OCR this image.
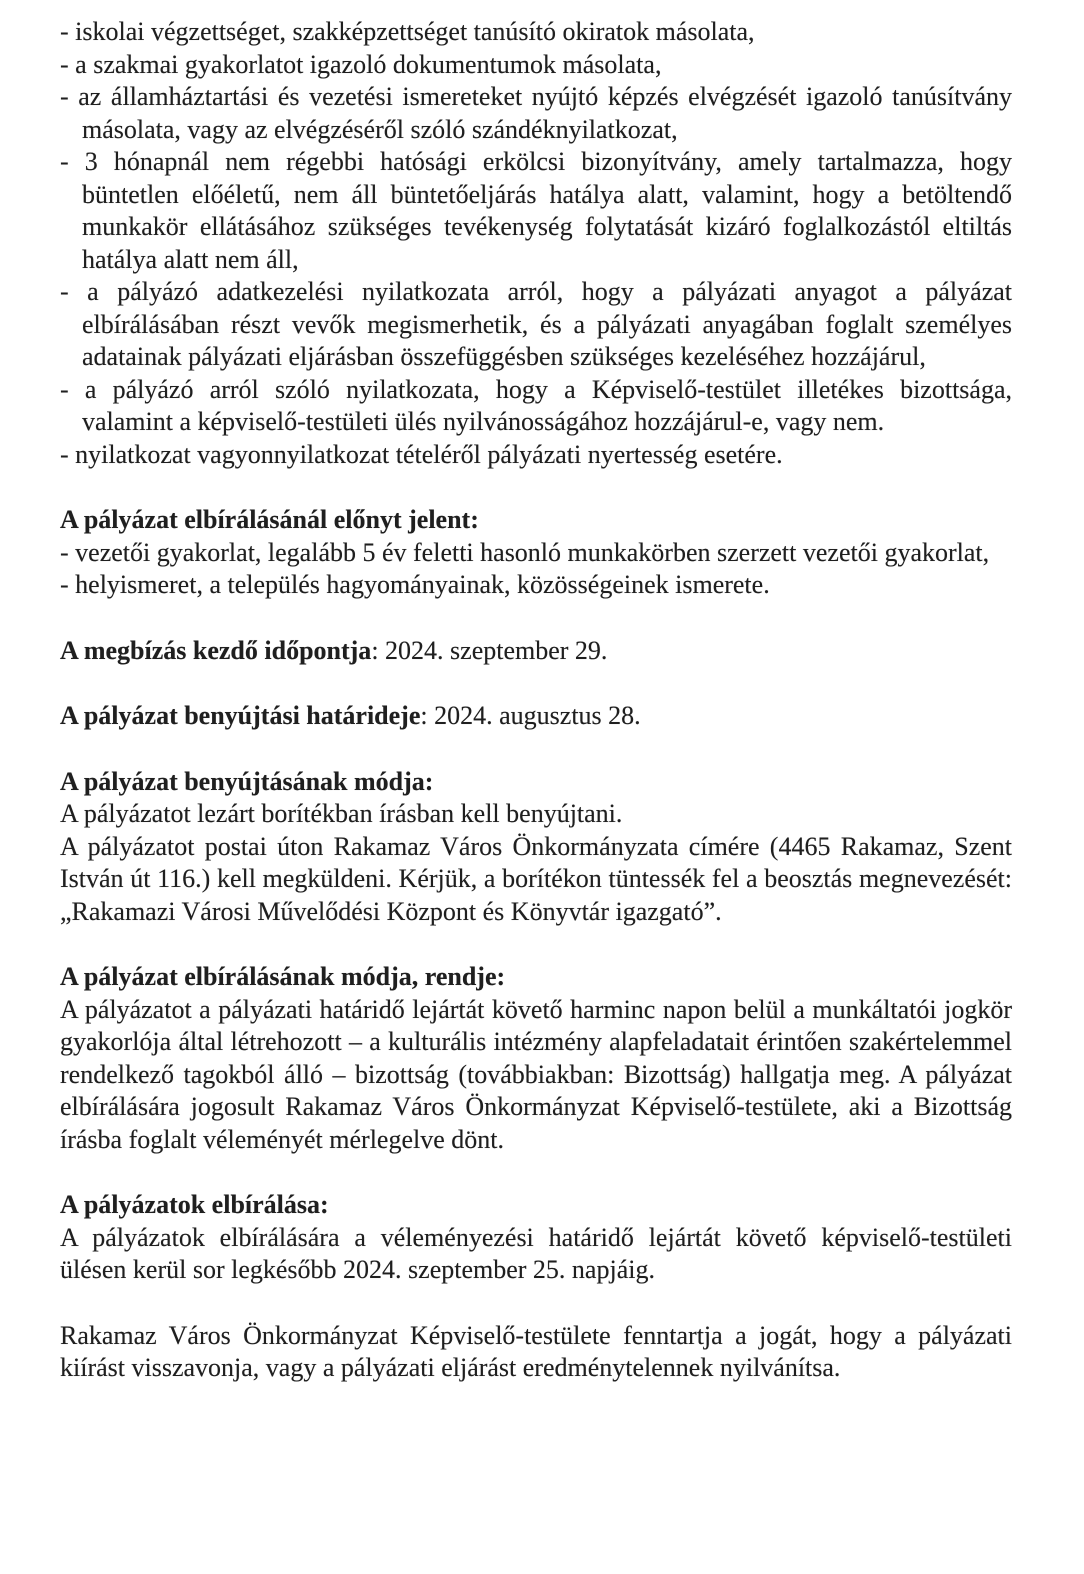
- iskolai végzettséget, szakképzettséget tanúsító okiratok másolata,

- a szakmai gyakorlatot igazoló dokumentumok másolata,

- az államháztartási és vezetési ismereteket nyújtó képzés elvégzését igazoló tanúsítvány másolata, vagy az elvégzéséről szóló szándéknyilatkozat,

- 3 hónapnál nem régebbi hatósági erkölcsi bizonyítvány, amely tartalmazza, hogy büntetlen előéletű, nem áll büntetőeljárás hatálya alatt, valamint, hogy a betöltendő munkakör ellátásához szükséges tevékenység folytatását kizáró foglalkozástól eltiltás hatálya alatt nem áll,

- a pályázó adatkezelési nyilatkozata arról, hogy a pályázati anyagot a pályázat elbírálásában részt vevők megismerhetik, és a pályázati anyagában foglalt személyes adatainak pályázati eljárásban összefüggésben szükséges kezeléséhez hozzájárul,

- a pályázó arról szóló nyilatkozata, hogy a Képviselő-testület illetékes bizottsága, valamint a képviselő-testületi ülés nyilvánosságához hozzájárul-e, vagy nem.

- nyilatkozat vagyonnyilatkozat tételéről pályázati nyertesség esetére.

A pályázat elbírálásánál előnyt jelent:

- vezetői gyakorlat, legalább 5 év feletti hasonló munkakörben szerzett vezetői gyakorlat,

- helyismeret, a település hagyományainak, közösségeinek ismerete.

A megbízás kezdő időpontja: 2024. szeptember 29.

A pályázat benyújtási határideje: 2024. augusztus 28.

A pályázat benyújtásának módja:

A pályázatot lezárt borítékban írásban kell benyújtani.

A pályázatot postai úton Rakamaz Város Önkormányzata címére (4465 Rakamaz, Szent István út 116.) kell megküldeni. Kérjük, a borítékon tüntessék fel a beosztás megnevezését: „Rakamazi Városi Művelődési Központ és Könyvtár igazgató”.

A pályázat elbírálásának módja, rendje:

A pályázatot a pályázati határidő lejártát követő harminc napon belül a munkáltatói jogkör gyakorlója által létrehozott – a kulturális intézmény alapfeladatait érintően szakértelemmel rendelkező tagokból álló – bizottság (továbbiakban: Bizottság) hallgatja meg. A pályázat elbírálására jogosult Rakamaz Város Önkormányzat Képviselő-testülete, aki a Bizottság írásba foglalt véleményét mérlegelve dönt.

A pályázatok elbírálása:

A pályázatok elbírálására a véleményezési határidő lejártát követő képviselő-testületi ülésen kerül sor legkésőbb 2024. szeptember 25. napjáig.

Rakamaz Város Önkormányzat Képviselő-testülete fenntartja a jogát, hogy a pályázati kiírást visszavonja, vagy a pályázati eljárást eredménytelennek nyilvánítsa.
